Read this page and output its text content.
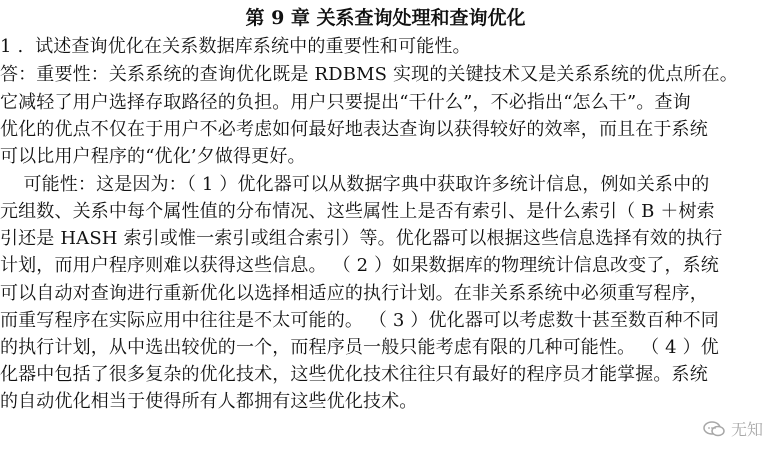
第 9 章 关系查询处理和查询优化
1 .  试述查询优化在关系数据库系统中的重要性和可能性。
答：重要性：关系系统的查询优化既是 RDBMS 实现的关键技术又是关系系统的优点所在。
它减轻了用户选择存取路径的负担。用户只要提出“干什么”，不必指出“怎么干”。查询
优化的优点不仅在于用户不必考虑如何最好地表达查询以获得较好的效率，而且在于系统
可以比用户程序的“优化’夕做得更好。
可能性：这是因为：（ 1 ）优化器可以从数据字典中获取许多统计信息，例如关系中的
元组数、关系中每个属性值的分布情况、这些属性上是否有索引、是什么索引（ B ＋树索
引还是 HASH 索引或惟一索引或组合索引）等。优化器可以根据这些信息选择有效的执行
计划，而用户程序则难以获得这些信息。 （ 2 ）如果数据库的物理统计信息改变了，系统
可以自动对查询进行重新优化以选择相适应的执行计划。在非关系系统中必须重写程序，
而重写程序在实际应用中往往是不太可能的。 （ 3 ）优化器可以考虑数十甚至数百种不同
的执行计划，从中选出较优的一个，而程序员一般只能考虑有限的几种可能性。 （ 4 ）优
化器中包括了很多复杂的优化技术，这些优化技术往往只有最好的程序员才能掌握。系统
的自动优化相当于使得所有人都拥有这些优化技术。
无知
